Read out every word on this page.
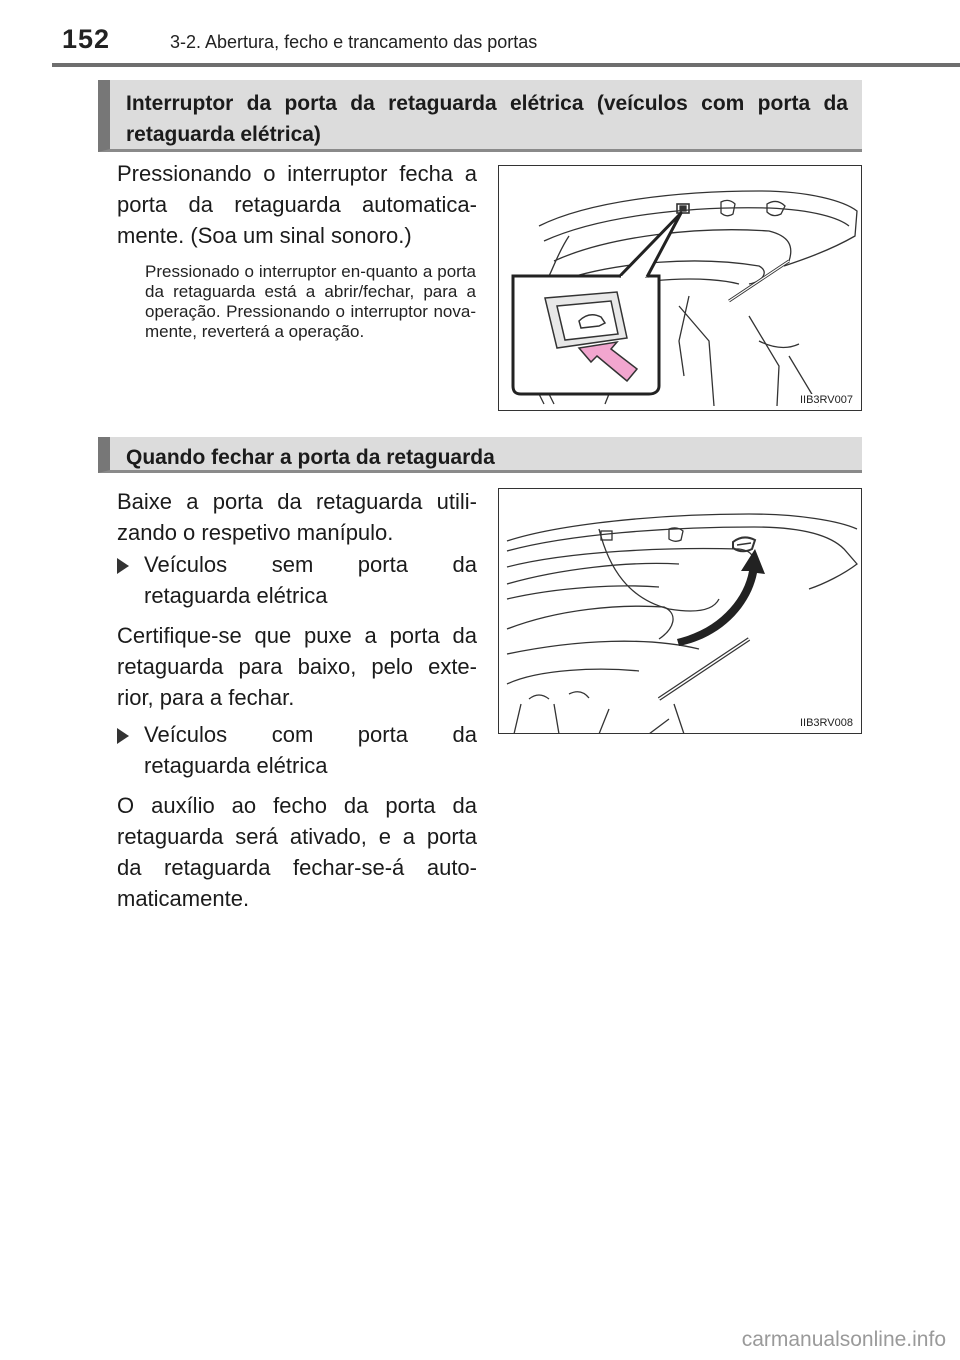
152	3-2. Abertura, fecho e trancamento das portas
Interruptor da porta da retaguarda elétrica (veículos com porta da retaguarda elétrica)

Pressionando o interruptor fecha a porta da retaguarda automatica-mente. (Soa um sinal sonoro.)

Pressionado o interruptor en-quanto a porta da retaguarda está a abrir/fechar, para a operação. Pressionando o interruptor nova-mente, reverterá a operação.

IIB3RV007
Quando fechar a porta da retaguarda

Baixe a porta da retaguarda utili-zando o respetivo manípulo.

Veículos sem porta da
retaguarda elétrica

Certifique-se que puxe a porta da retaguarda para baixo, pelo exte-rior, para a fechar.

Veículos com porta da
retaguarda elétrica

O auxílio ao fecho da porta da retaguarda será ativado, e a porta da retaguarda fechar-se-á auto-maticamente.

IIB3RV008
carmanualsonline.info
